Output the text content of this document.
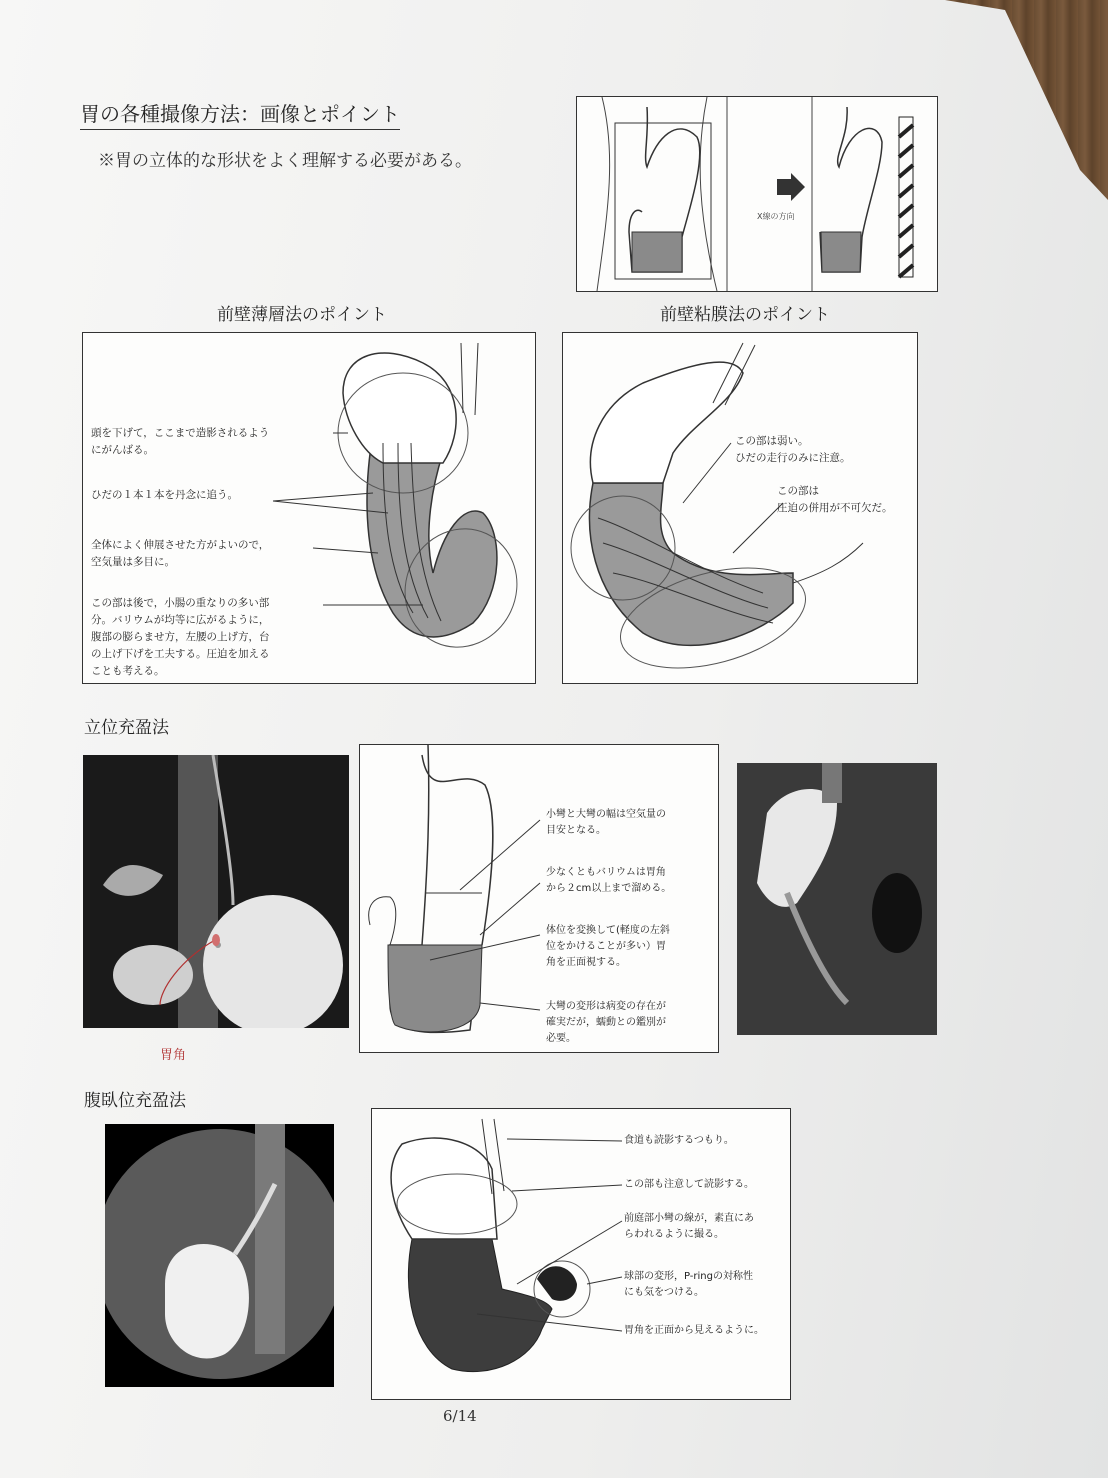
胃の各種撮像方法：画像とポイント
※胃の立体的な形状をよく理解する必要がある。
X線の方向
前壁薄層法のポイント
頭を下げて，ここまで造影されるよう
にがんばる。
ひだの１本１本を丹念に追う。
全体によく伸展させた方がよいので，
空気量は多目に。
この部は後で，小腸の重なりの多い部
分。バリウムが均等に広がるように，
腹部の膨らませ方，左腰の上げ方，台
の上げ下げを工夫する。圧迫を加える
ことも考える。
前壁粘膜法のポイント
この部は弱い。
ひだの走行のみに注意。
この部は
圧迫の併用が不可欠だ。
立位充盈法
胃角
小彎と大彎の幅は空気量の
目安となる。
少なくともバリウムは胃角
から２cm以上まで溜める。
体位を変換して(軽度の左斜
位をかけることが多い）胃
角を正面視する。
大彎の変形は病変の存在が
確実だが，蠕動との鑑別が
必要。
腹臥位充盈法
食道も読影するつもり。
この部も注意して読影する。
前庭部小彎の線が，素直にあ
らわれるように撮る。
球部の変形，P-ringの対称性
にも気をつける。
胃角を正面から見えるように。
6/14
